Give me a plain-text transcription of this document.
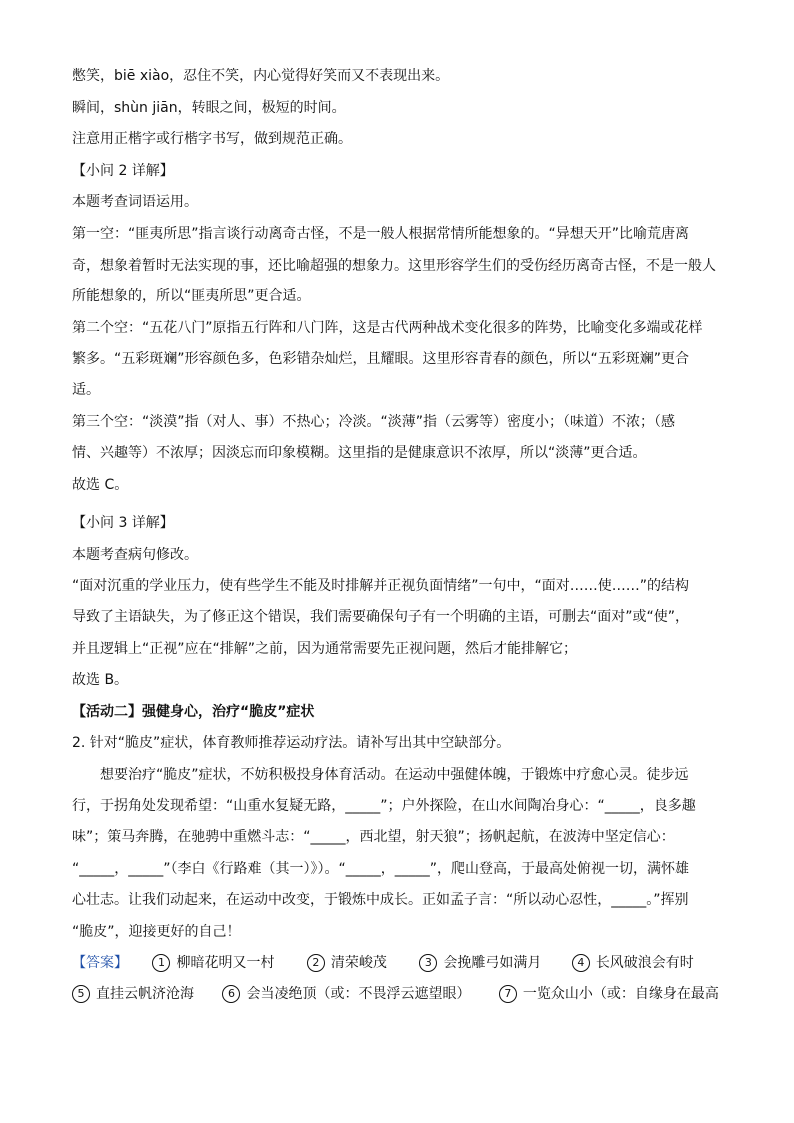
憋笑，biē xiào，忍住不笑，内心觉得好笑而又不表现出来。
瞬间，shùn jiān，转眼之间，极短的时间。
注意用正楷字或行楷字书写，做到规范正确。
【小问 2 详解】
本题考查词语运用。
第一空：“匪夷所思”指言谈行动离奇古怪，不是一般人根据常情所能想象的。“异想天开”比喻荒唐离
奇，想象着暂时无法实现的事，还比喻超强的想象力。这里形容学生们的受伤经历离奇古怪，不是一般人
所能想象的，所以“匪夷所思”更合适。
第二个空：“五花八门”原指五行阵和八门阵，这是古代两种战术变化很多的阵势，比喻变化多端或花样
繁多。“五彩斑斓”形容颜色多，色彩错杂灿烂，且耀眼。这里形容青春的颜色，所以“五彩斑斓”更合
适。
第三个空：“淡漠”指（对人、事）不热心；冷淡。“淡薄”指（云雾等）密度小；（味道）不浓；（感
情、兴趣等）不浓厚；因淡忘而印象模糊。这里指的是健康意识不浓厚，所以“淡薄”更合适。
故选 C。
【小问 3 详解】
本题考查病句修改。
“面对沉重的学业压力，使有些学生不能及时排解并正视负面情绪”一句中，“面对……使……”的结构
导致了主语缺失，为了修正这个错误，我们需要确保句子有一个明确的主语，可删去“面对”或“使”，
并且逻辑上“正视”应在“排解”之前，因为通常需要先正视问题，然后才能排解它；
故选 B。
【活动二】强健身心，治疗“脆皮”症状
2. 针对“脆皮”症状，体育教师推荐运动疗法。请补写出其中空缺部分。
想要治疗“脆皮”症状，不妨积极投身体育活动。在运动中强健体魄，于锻炼中疗愈心灵。徒步远
行，于拐角处发现希望：“山重水复疑无路，_____”；户外探险，在山水间陶冶身心：“_____，良多趣
味”；策马奔腾，在驰骋中重燃斗志：“_____，西北望，射天狼”；扬帆起航，在波涛中坚定信心：
“_____，_____”（李白《行路难（其一）》）。“_____，_____”，爬山登高，于最高处俯视一切，满怀雄
心壮志。让我们动起来，在运动中改变，于锻炼中成长。正如孟子言：“所以动心忍性，_____。”挥别
“脆皮”，迎接更好的自己！
【答案】	1 柳暗花明又一村	2 清荣峻茂	3 会挽雕弓如满月	4 长风破浪会有时
5 直挂云帆济沧海	6 会当凌绝顶（或：不畏浮云遮望眼）	7 一览众山小（或：自缘身在最高
